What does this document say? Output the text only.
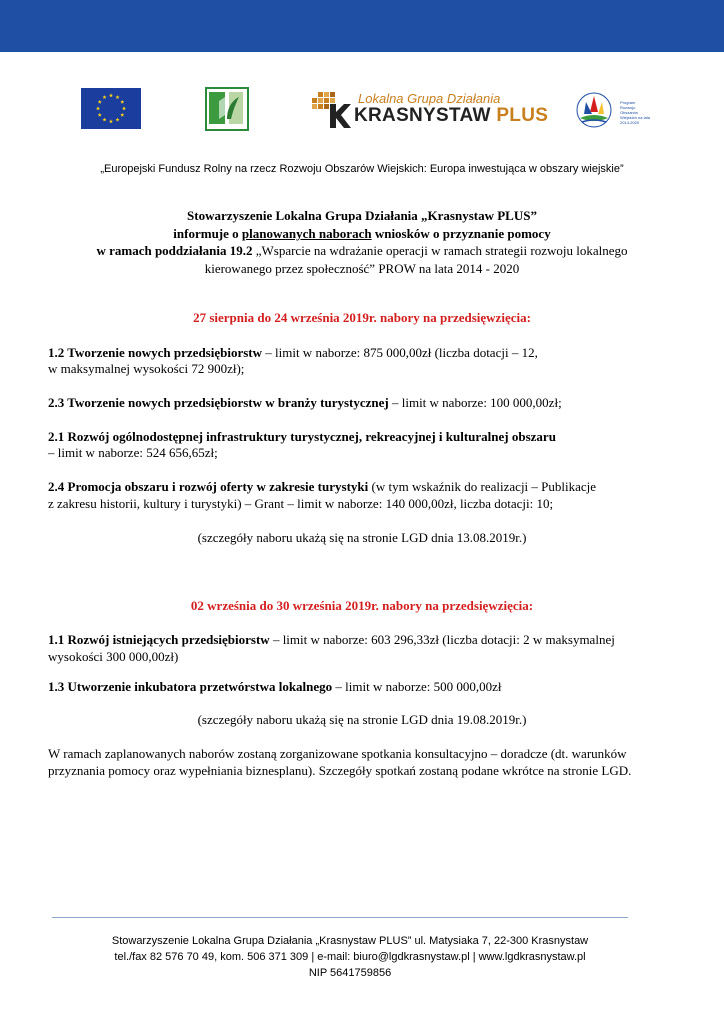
Lokalna Grupa Działania
KRASNYSTAW PLUS
Program Rozwoju Obszarów Wiejskich na lata 2014-2020
„Europejski Fundusz Rolny na rzecz Rozwoju Obszarów Wiejskich: Europa inwestująca w obszary wiejskie”
Stowarzyszenie Lokalna Grupa Działania „Krasnystaw PLUS”
informuje o planowanych naborach wniosków o przyznanie pomocy
w ramach poddziałania 19.2 „Wsparcie na wdrażanie operacji w ramach strategii rozwoju lokalnego
kierowanego przez społeczność” PROW na lata 2014 - 2020
27 sierpnia do 24 września 2019r. nabory na przedsięwzięcia:
1.2 Tworzenie nowych przedsiębiorstw – limit w naborze: 875 000,00zł (liczba dotacji – 12,
w maksymalnej wysokości 72 900zł);
2.3 Tworzenie nowych przedsiębiorstw w branży turystycznej – limit w naborze: 100 000,00zł;
2.1 Rozwój ogólnodostępnej infrastruktury turystycznej, rekreacyjnej i kulturalnej obszaru
– limit w naborze: 524 656,65zł;
2.4 Promocja obszaru i rozwój oferty w zakresie turystyki (w tym wskaźnik do realizacji – Publikacje
z zakresu historii, kultury i turystyki) – Grant – limit w naborze: 140 000,00zł, liczba dotacji: 10;
(szczegóły naboru ukażą się na stronie LGD dnia 13.08.2019r.)
02 września do 30 września 2019r. nabory na przedsięwzięcia:
1.1 Rozwój istniejących przedsiębiorstw – limit w naborze: 603 296,33zł (liczba dotacji: 2 w maksymalnej
wysokości 300 000,00zł)
1.3 Utworzenie inkubatora przetwórstwa lokalnego – limit w naborze: 500 000,00zł
(szczegóły naboru ukażą się na stronie LGD dnia 19.08.2019r.)
W ramach zaplanowanych naborów zostaną zorganizowane spotkania konsultacyjno – doradcze (dt. warunków
przyznania pomocy oraz wypełniania biznesplanu). Szczegóły spotkań zostaną podane wkrótce na stronie LGD.
Stowarzyszenie Lokalna Grupa Działania „Krasnystaw PLUS” ul. Matysiaka 7, 22-300 Krasnystaw
tel./fax 82 576 70 49, kom. 506 371 309 | e-mail: biuro@lgdkrasnystaw.pl | www.lgdkrasnystaw.pl
NIP 5641759856
